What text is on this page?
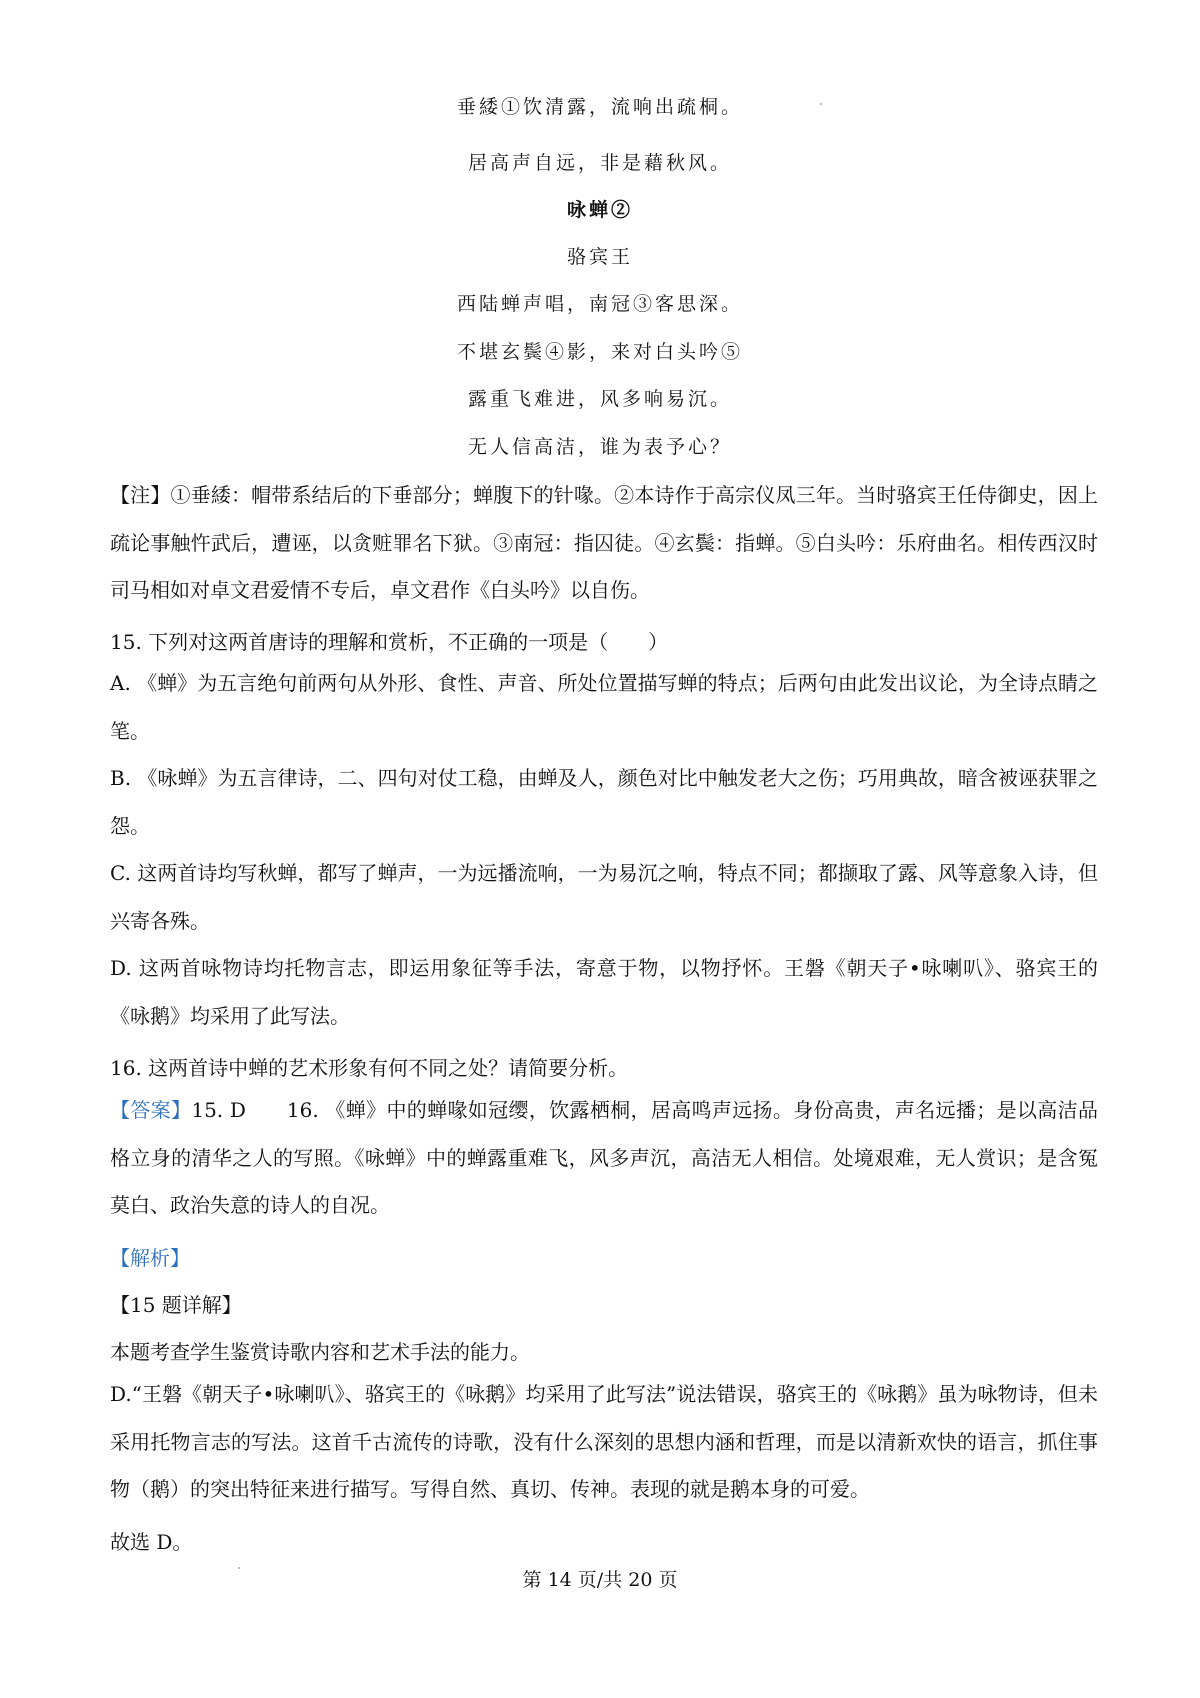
垂緌①饮清露，流响出疏桐。
居高声自远，非是藉秋风。
咏蝉②
骆宾王
西陆蝉声唱，南冠③客思深。
不堪玄鬓④影，来对白头吟⑤
露重飞难进，风多响易沉。
无人信高洁，谁为表予心？
【注】①垂緌：帽带系结后的下垂部分；蝉腹下的针喙。②本诗作于高宗仪凤三年。当时骆宾王任侍御史，因上疏论事触忤武后，遭诬，以贪赃罪名下狱。③南冠：指囚徒。④玄鬓：指蝉。⑤白头吟：乐府曲名。相传西汉时司马相如对卓文君爱情不专后，卓文君作《白头吟》以自伤。
15. 下列对这两首唐诗的理解和赏析，不正确的一项是（　　）
A. 《蝉》为五言绝句前两句从外形、食性、声音、所处位置描写蝉的特点；后两句由此发出议论，为全诗点睛之笔。
B. 《咏蝉》为五言律诗，二、四句对仗工稳，由蝉及人，颜色对比中触发老大之伤；巧用典故，暗含被诬获罪之怨。
C. 这两首诗均写秋蝉，都写了蝉声，一为远播流响，一为易沉之响，特点不同；都撷取了露、风等意象入诗，但兴寄各殊。
D. 这两首咏物诗均托物言志，即运用象征等手法，寄意于物，以物抒怀。王磐《朝天子•咏喇叭》、骆宾王的《咏鹅》均采用了此写法。
16. 这两首诗中蝉的艺术形象有何不同之处？请简要分析。
【答案】15. D　　16. 《蝉》中的蝉喙如冠缨，饮露栖桐，居高鸣声远扬。身份高贵，声名远播；是以高洁品格立身的清华之人的写照。《咏蝉》中的蝉露重难飞，风多声沉，高洁无人相信。处境艰难，无人赏识；是含冤莫白、政治失意的诗人的自况。
【解析】
【15 题详解】
本题考查学生鉴赏诗歌内容和艺术手法的能力。
D.“王磐《朝天子•咏喇叭》、骆宾王的《咏鹅》均采用了此写法”说法错误，骆宾王的《咏鹅》虽为咏物诗，但未采用托物言志的写法。这首千古流传的诗歌，没有什么深刻的思想内涵和哲理，而是以清新欢快的语言，抓住事物（鹅）的突出特征来进行描写。写得自然、真切、传神。表现的就是鹅本身的可爱。
故选 D。
第 14 页/共 20 页
